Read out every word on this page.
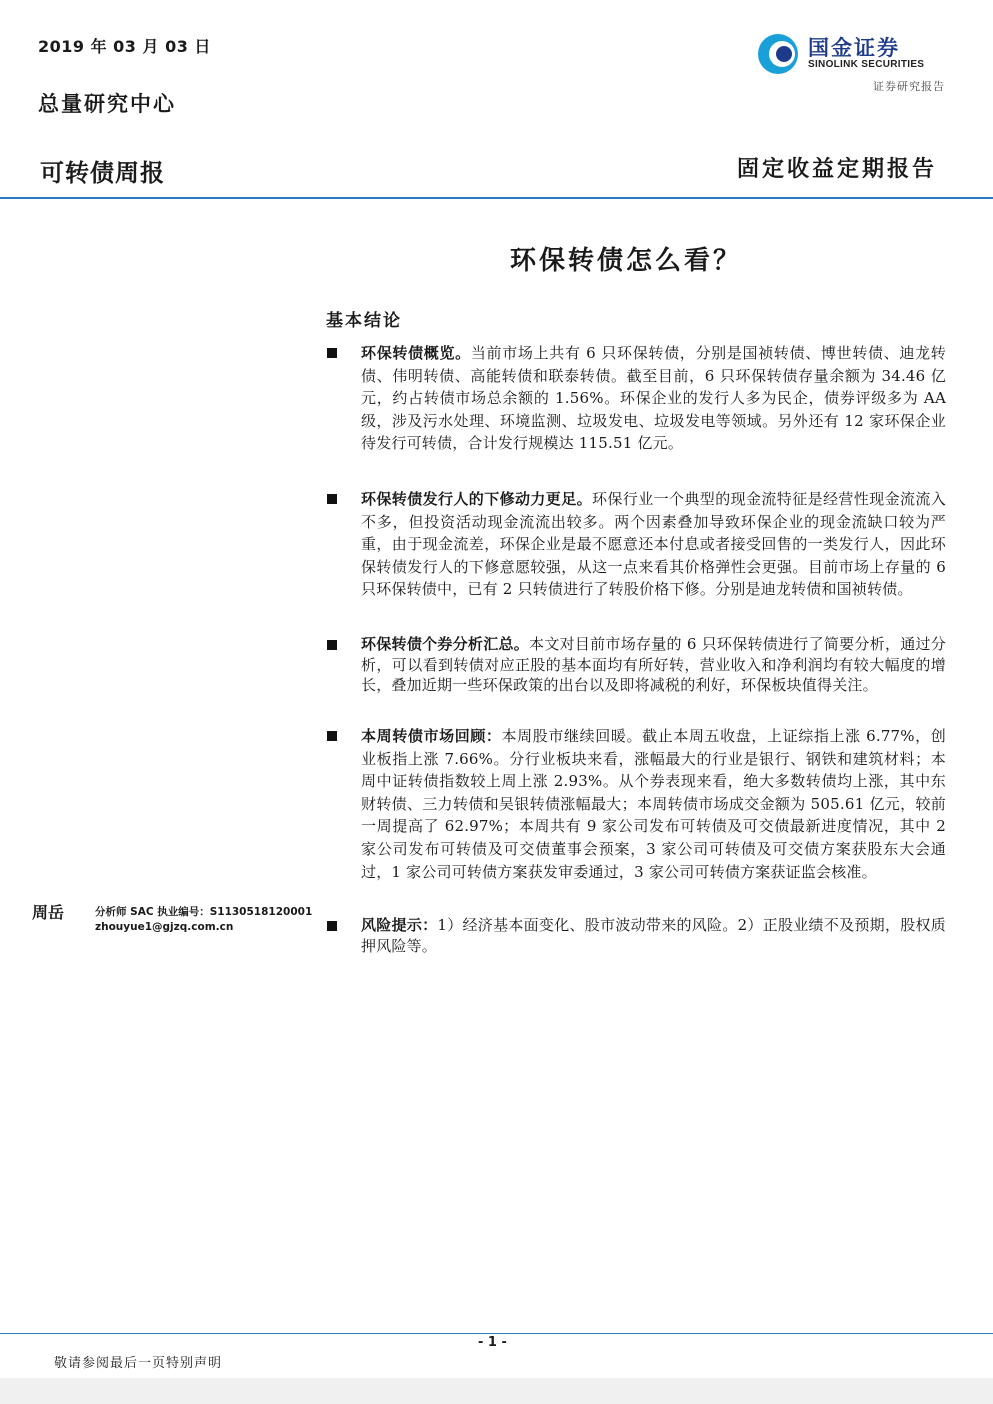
2019 年 03 月 03 日
总量研究中心
国金证券
SINOLINK SECURITIES
证券研究报告
可转债周报	固定收益定期报告
环保转债怎么看？
基本结论
环保转债概览。当前市场上共有 6 只环保转债，分别是国祯转债、博世转债、迪龙转债、伟明转债、高能转债和联泰转债。截至目前，6 只环保转债存量余额为 34.46 亿元，约占转债市场总余额的 1.56%。环保企业的发行人多为民企，债券评级多为 AA 级，涉及污水处理、环境监测、垃圾发电、垃圾发电等领域。另外还有 12 家环保企业待发行可转债，合计发行规模达 115.51 亿元。
环保转债发行人的下修动力更足。环保行业一个典型的现金流特征是经营性现金流流入不多，但投资活动现金流流出较多。两个因素叠加导致环保企业的现金流缺口较为严重，由于现金流差，环保企业是最不愿意还本付息或者接受回售的一类发行人，因此环保转债发行人的下修意愿较强，从这一点来看其价格弹性会更强。目前市场上存量的 6 只环保转债中，已有 2 只转债进行了转股价格下修。分别是迪龙转债和国祯转债。
环保转债个券分析汇总。本文对目前市场存量的 6 只环保转债进行了简要分析，通过分析，可以看到转债对应正股的基本面均有所好转，营业收入和净利润均有较大幅度的增长，叠加近期一些环保政策的出台以及即将减税的利好，环保板块值得关注。
本周转债市场回顾：本周股市继续回暖。截止本周五收盘，上证综指上涨 6.77%，创业板指上涨 7.66%。分行业板块来看，涨幅最大的行业是银行、钢铁和建筑材料；本周中证转债指数较上周上涨 2.93%。从个券表现来看，绝大多数转债均上涨，其中东财转债、三力转债和吴银转债涨幅最大；本周转债市场成交金额为 505.61 亿元，较前一周提高了 62.97%；本周共有 9 家公司发布可转债及可交债最新进度情况，其中 2 家公司发布可转债及可交债董事会预案，3 家公司可转债及可交债方案获股东大会通过，1 家公司可转债方案获发审委通过，3 家公司可转债方案获证监会核准。
风险提示：1）经济基本面变化、股市波动带来的风险。2）正股业绩不及预期，股权质押风险等。
周岳	分析师 SAC 执业编号：S1130518120001
zhouyue1@gjzq.com.cn
- 1 -
敬请参阅最后一页特别声明
